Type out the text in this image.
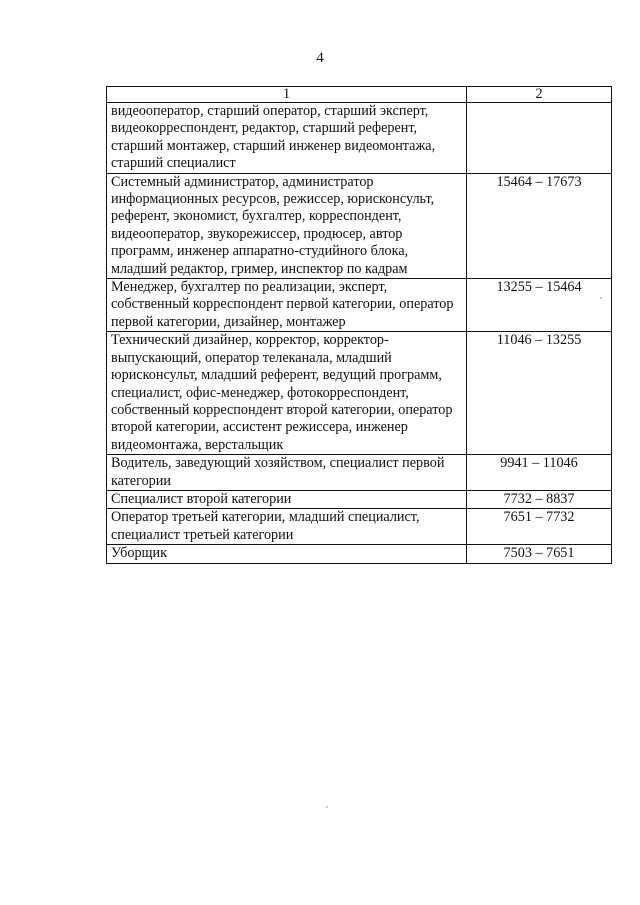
4
1	2
видеооператор, старший оператор, старший эксперт, видеокорреспондент, редактор, старший референт, старший монтажер, старший инженер видеомонтажа, старший специалист	
Системный администратор, администратор информационных ресурсов, режиссер, юрисконсульт, референт, экономист, бухгалтер, корреспондент, видеооператор, звукорежиссер, продюсер, автор программ, инженер аппаратно-студийного блока, младший редактор, гример, инспектор по кадрам	15464 – 17673
Менеджер, бухгалтер по реализации, эксперт, собственный корреспондент первой категории, оператор первой категории, дизайнер, монтажер	13255 – 15464
Технический дизайнер, корректор, корректор-выпускающий, оператор телеканала, младший юрисконсульт, младший референт, ведущий программ, специалист, офис-менеджер, фотокорреспондент, собственный корреспондент второй категории, оператор второй категории, ассистент режиссера, инженер видеомонтажа, верстальщик	11046 – 13255
Водитель, заведующий хозяйством, специалист первой категории	9941 – 11046
Специалист второй категории	7732 – 8837
Оператор третьей категории, младший специалист, специалист третьей категории	7651 – 7732
Уборщик	7503 – 7651
